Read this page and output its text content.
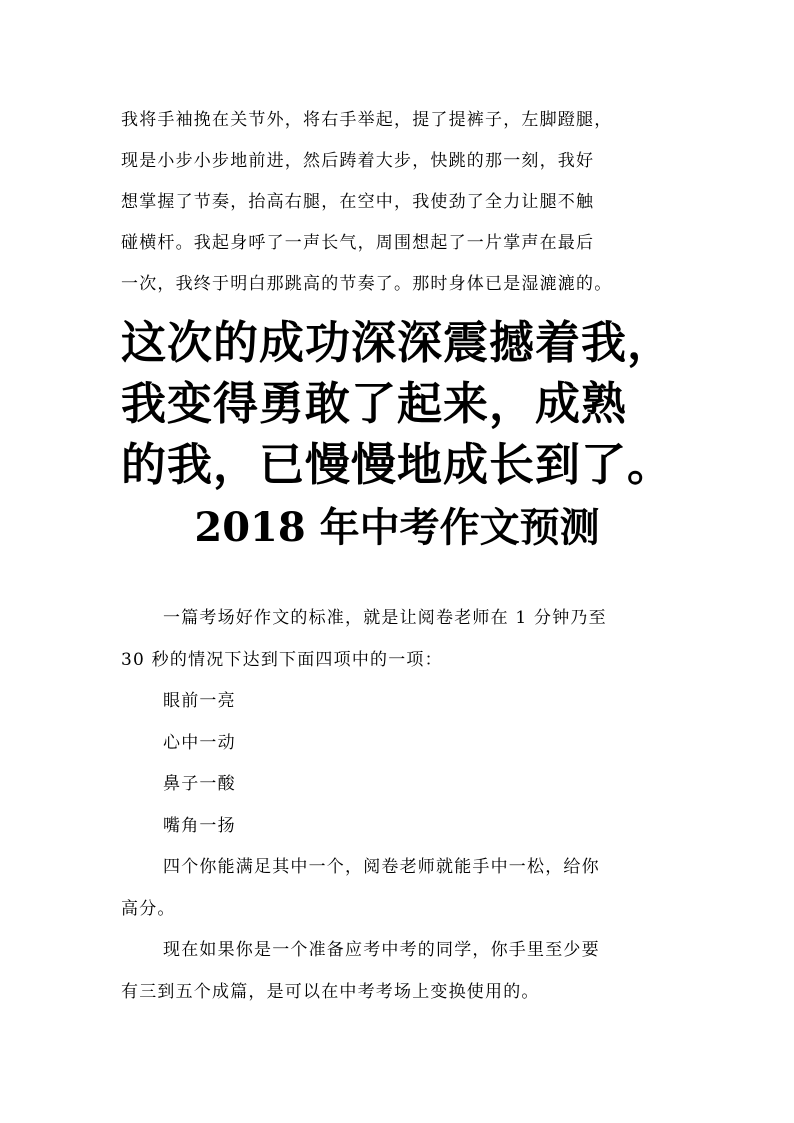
我将手袖挽在关节外，将右手举起，提了提裤子，左脚蹬腿，
现是小步小步地前进，然后踌着大步，快跳的那一刻，我好
想掌握了节奏，抬高右腿，在空中，我使劲了全力让腿不触
碰横杆。我起身呼了一声长气，周围想起了一片掌声在最后
一次，我终于明白那跳高的节奏了。那时身体已是湿漉漉的。
这次的成功深深震撼着我，
我变得勇敢了起来，成熟
的我，已慢慢地成长到了。
2018 年中考作文预测
一篇考场好作文的标准，就是让阅卷老师在 1 分钟乃至
30 秒的情况下达到下面四项中的一项：
眼前一亮
心中一动
鼻子一酸
嘴角一扬
四个你能满足其中一个，阅卷老师就能手中一松，给你
高分。
现在如果你是一个准备应考中考的同学，你手里至少要
有三到五个成篇，是可以在中考考场上变换使用的。
